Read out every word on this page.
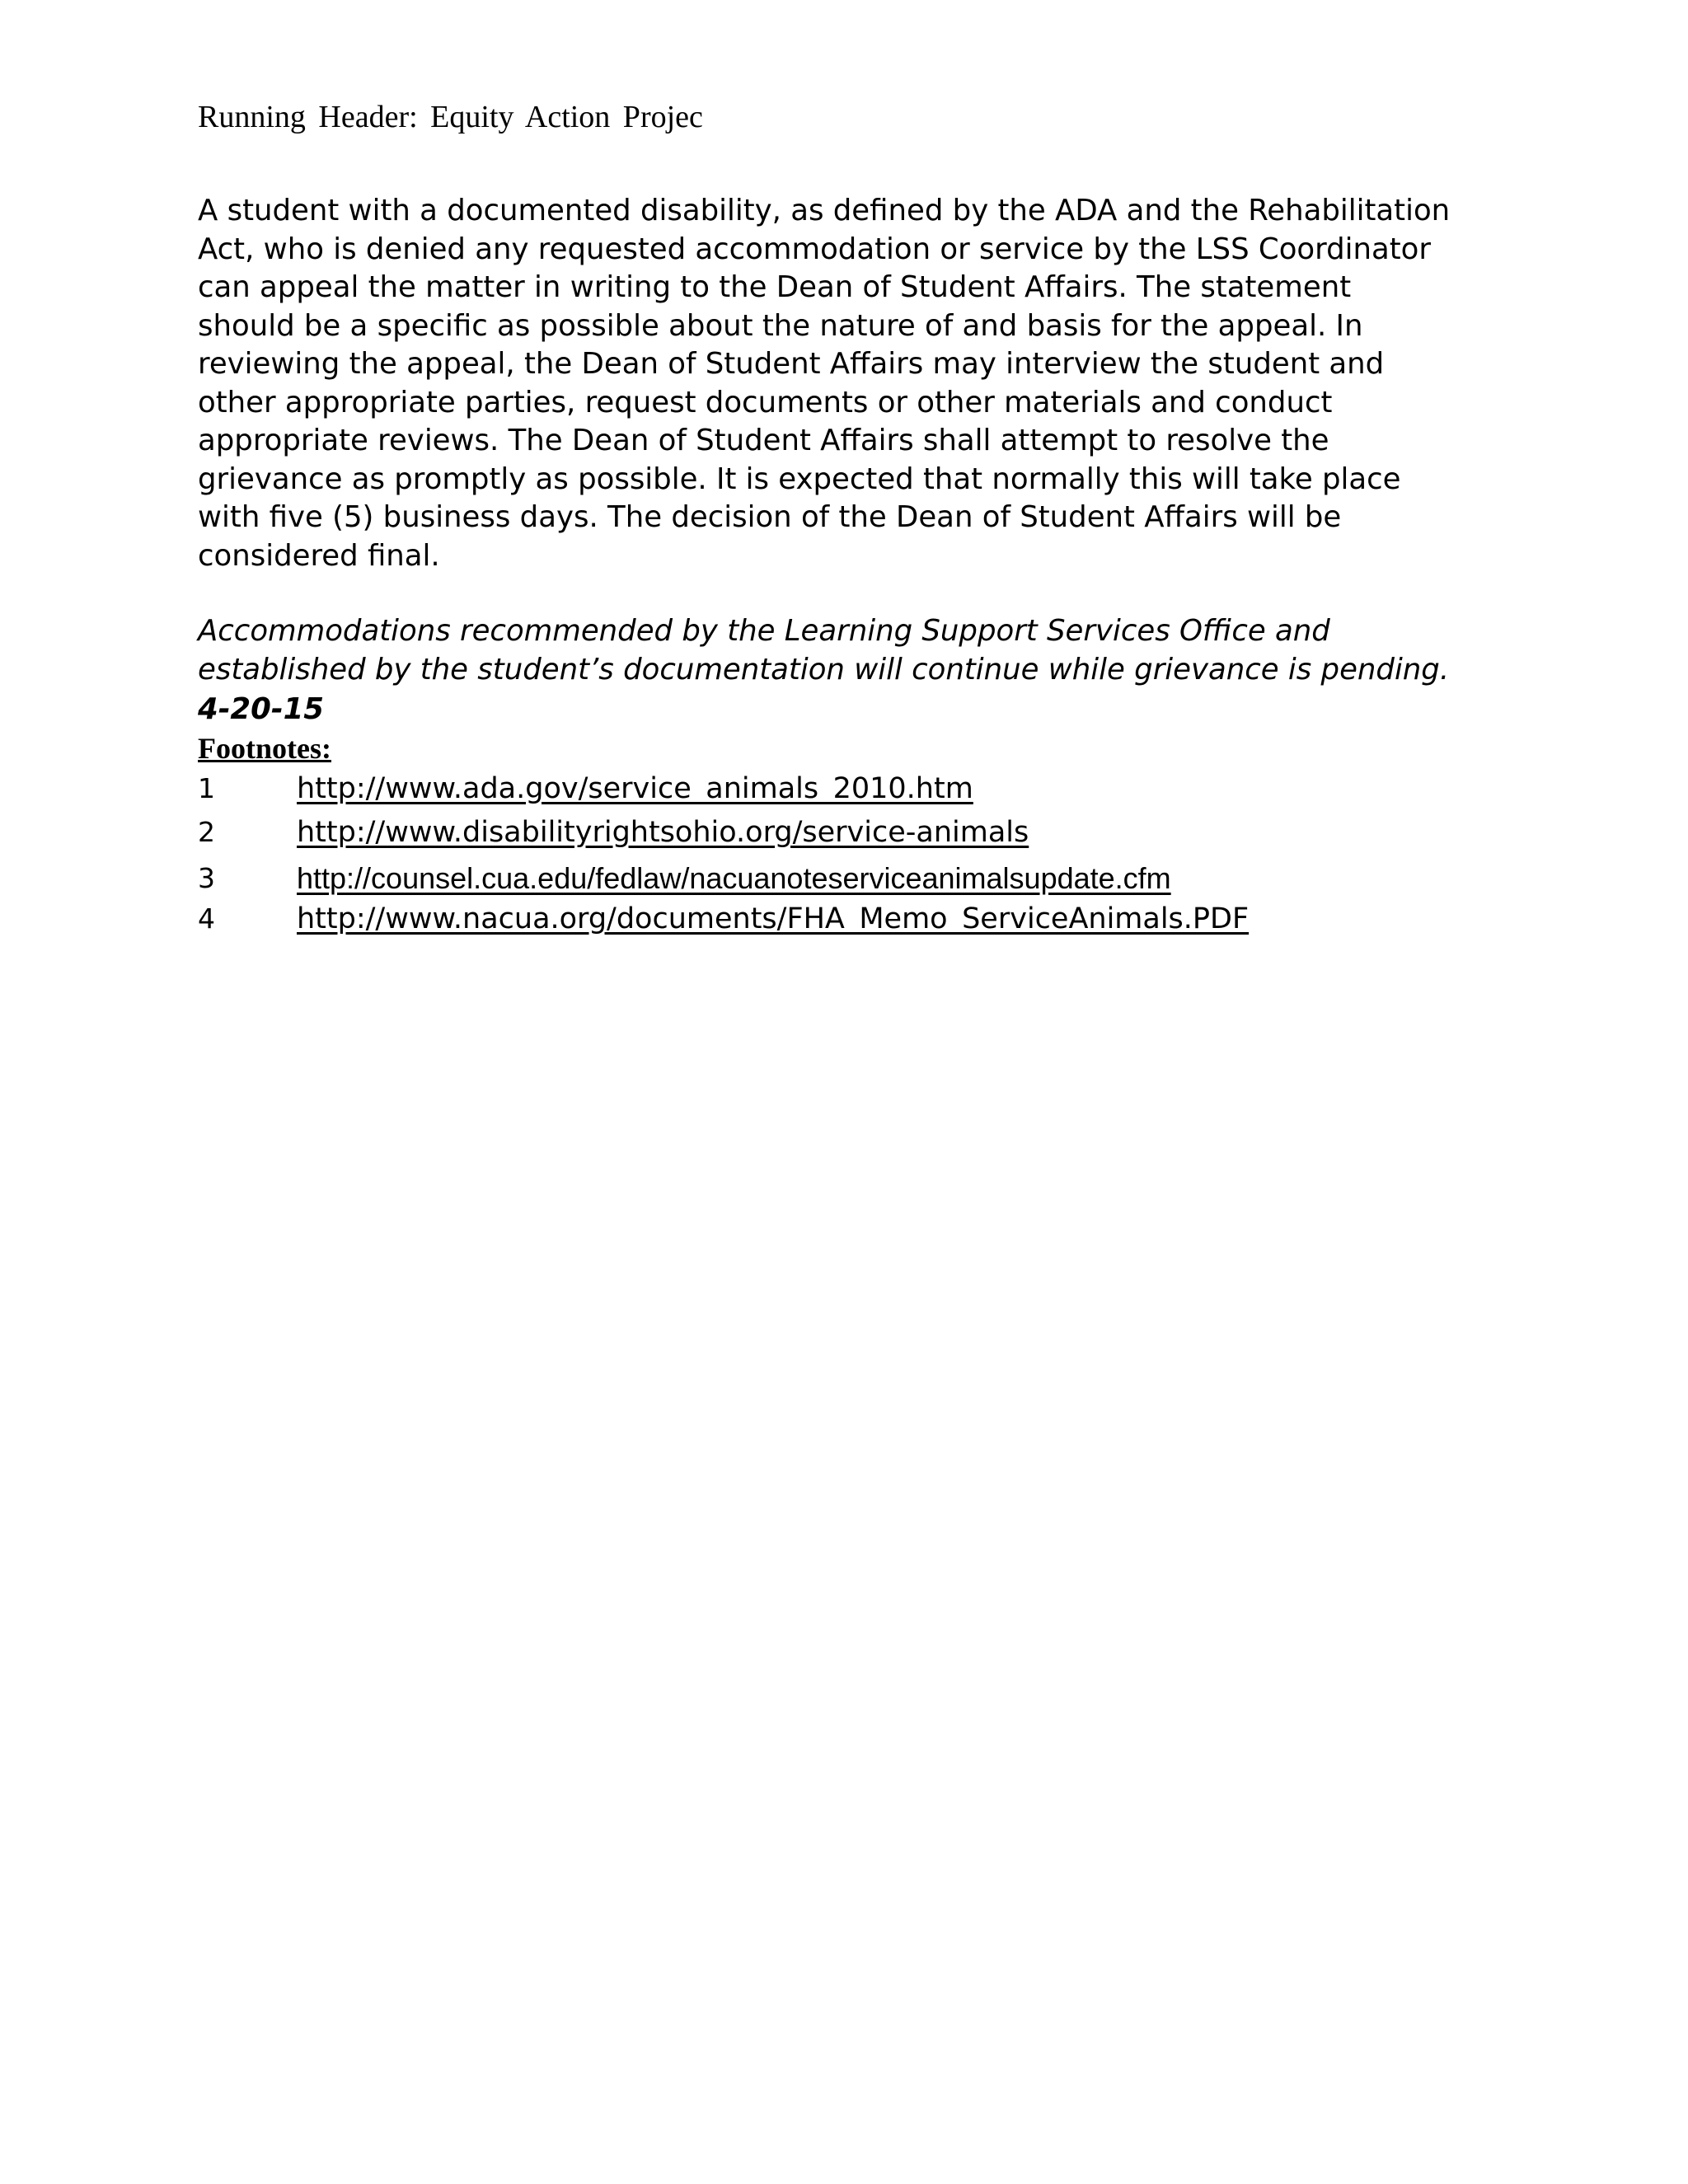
Running Header: Equity Action Projec
A student with a documented disability, as defined by the ADA and the Rehabilitation
Act, who is denied any requested accommodation or service by the LSS Coordinator
can appeal the matter in writing to the Dean of Student Affairs. The statement
should be a specific as possible about the nature of and basis for the appeal. In
reviewing the appeal, the Dean of Student Affairs may interview the student and
other appropriate parties, request documents or other materials and conduct
appropriate reviews. The Dean of Student Affairs shall attempt to resolve the
grievance as promptly as possible. It is expected that normally this will take place
with five (5) business days. The decision of the Dean of Student Affairs will be
considered final.
Accommodations recommended by the Learning Support Services Office and
established by the student’s documentation will continue while grievance is pending.
4-20-15
Footnotes:
1	http://www.ada.gov/service_animals_2010.htm
2	http://www.disabilityrightsohio.org/service-animals
3	http://counsel.cua.edu/fedlaw/nacuanoteserviceanimalsupdate.cfm
4	http://www.nacua.org/documents/FHA_Memo_ServiceAnimals.PDF
